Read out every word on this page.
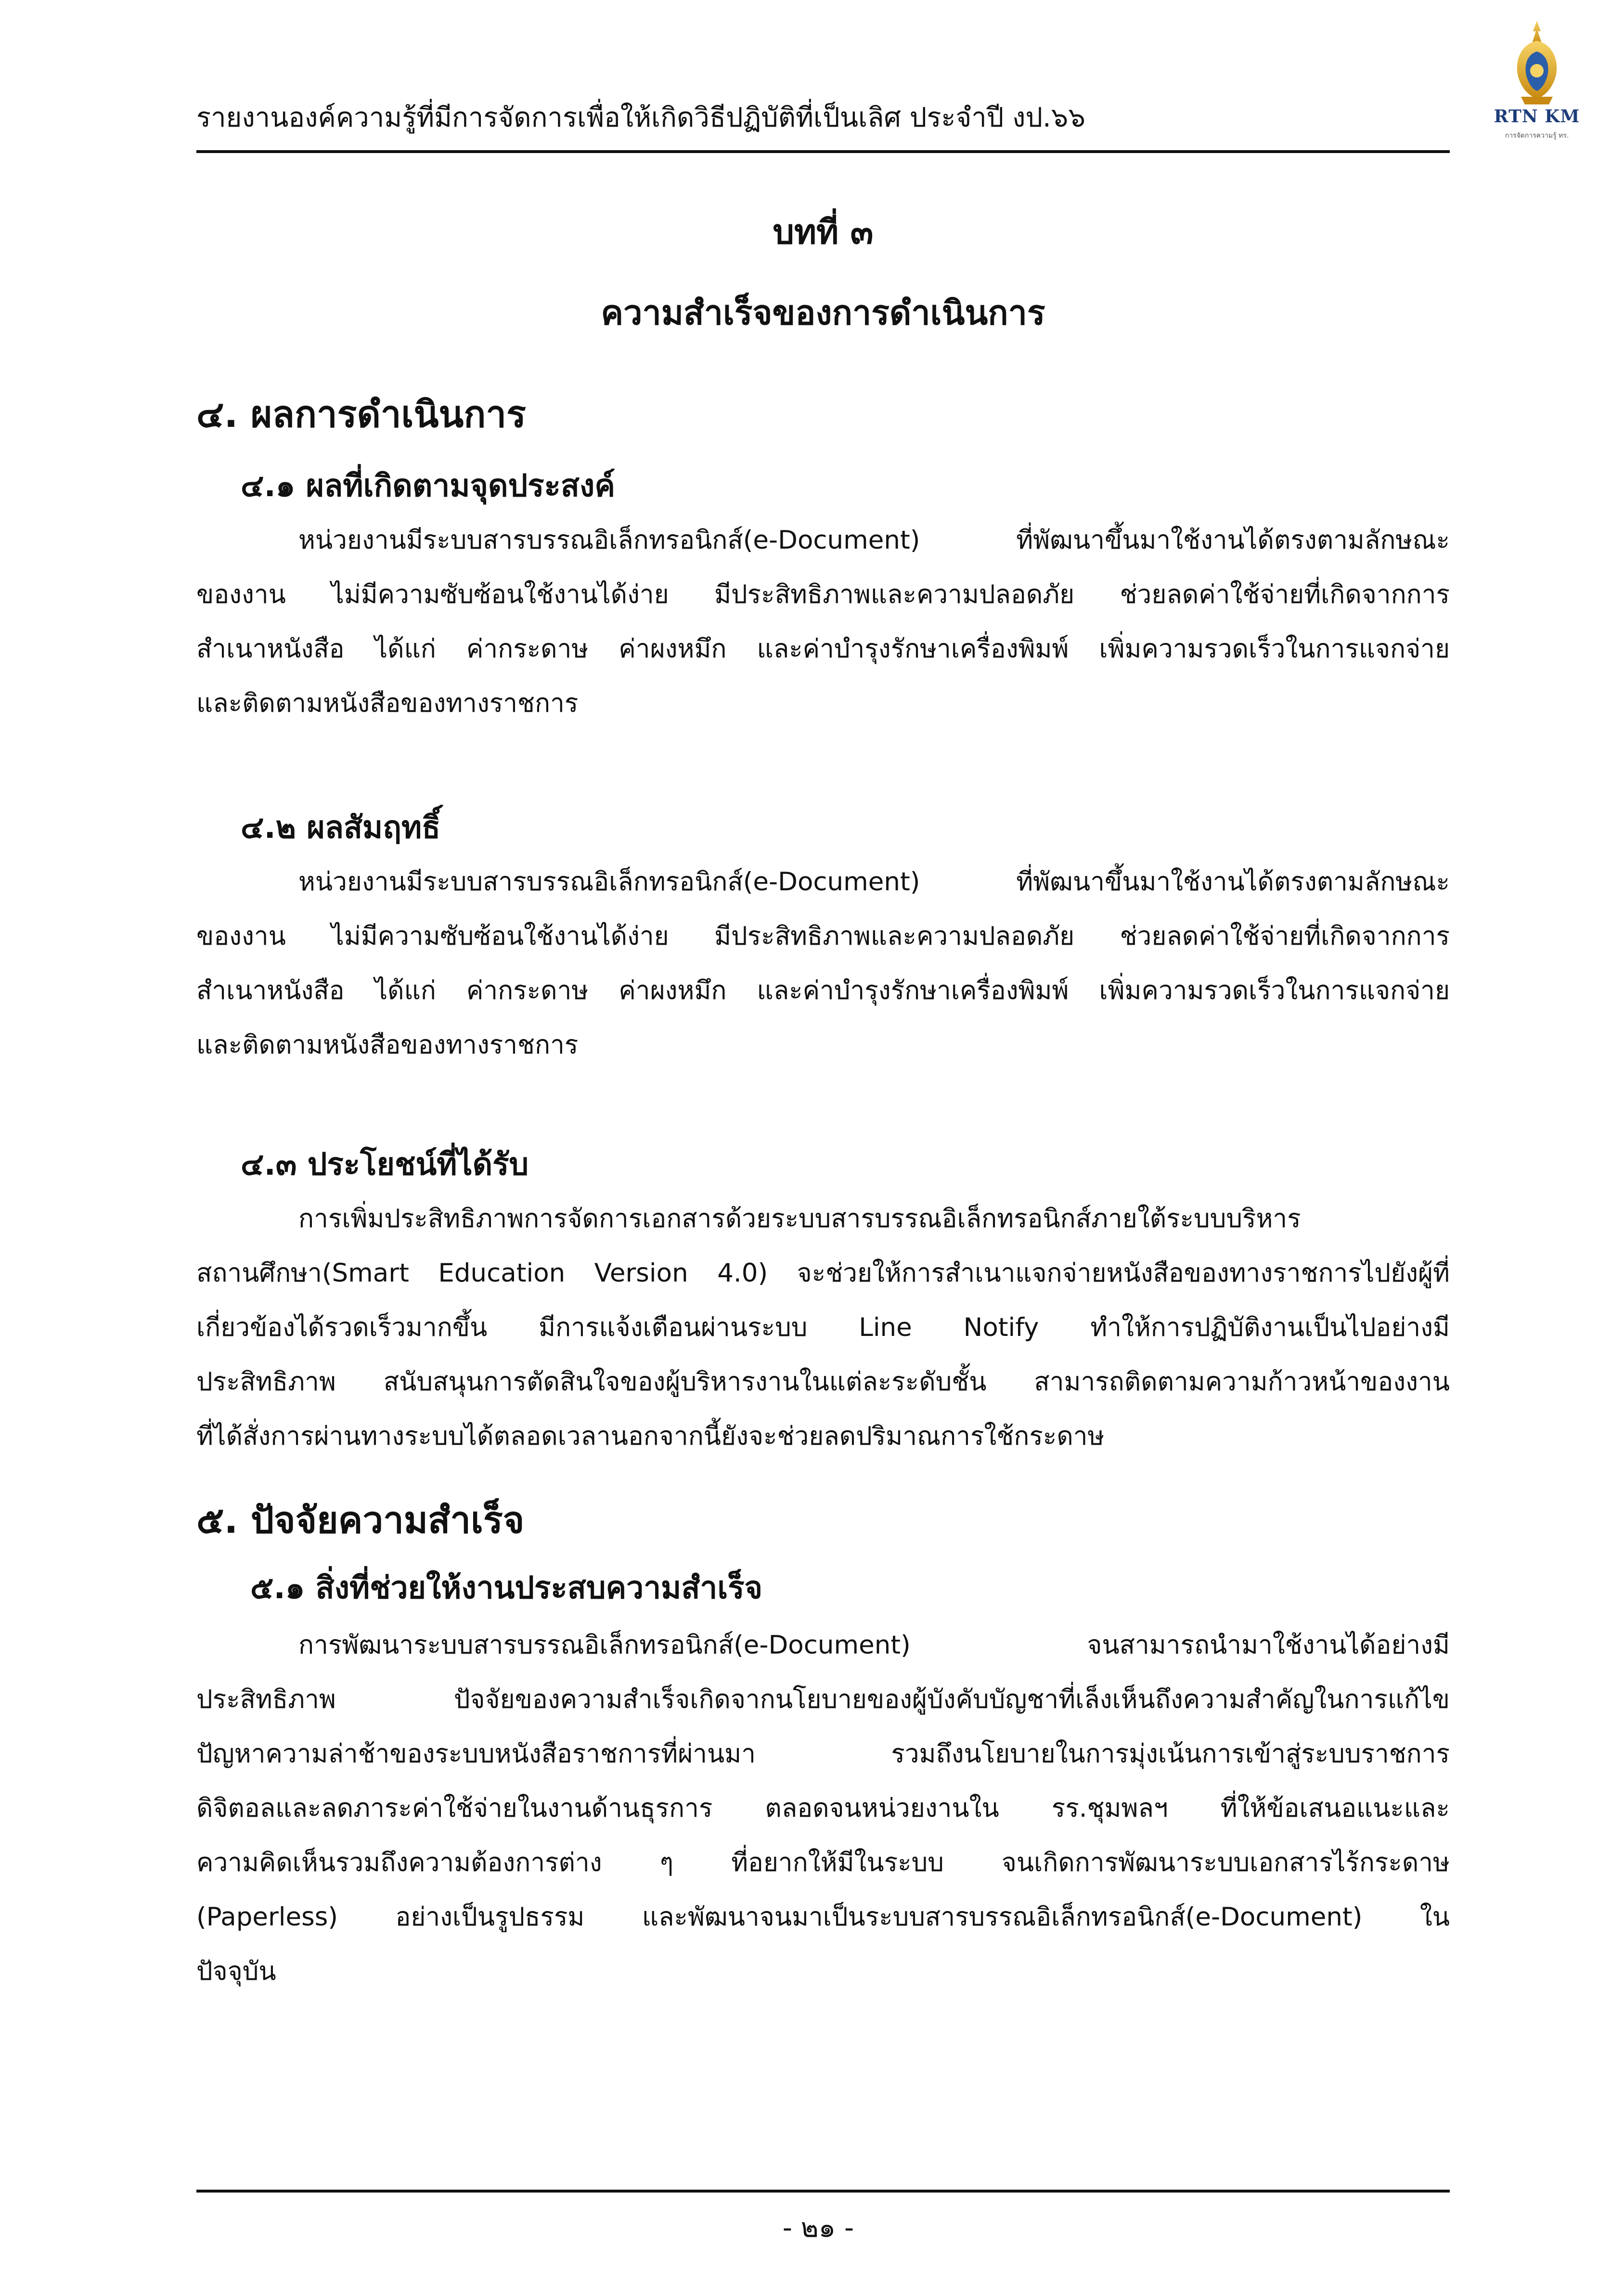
รายงานองค์ความรู้ที่มีการจัดการเพื่อให้เกิดวิธีปฏิบัติที่เป็นเลิศ ประจำปี งป.๖๖	RTN KM
การจัดการความรู้ ทร.
บทที่ ๓
ความสำเร็จของการดำเนินการ
๔. ผลการดำเนินการ
๔.๑ ผลที่เกิดตามจุดประสงค์
หน่วยงานมีระบบสารบรรณอิเล็กทรอนิกส์(e-Document) ที่พัฒนาขึ้นมาใช้งานได้ตรงตามลักษณะ
ของงาน ไม่มีความซับซ้อนใช้งานได้ง่าย มีประสิทธิภาพและความปลอดภัย ช่วยลดค่าใช้จ่ายที่เกิดจากการ
สำเนาหนังสือ ได้แก่ ค่ากระดาษ ค่าผงหมึก และค่าบำรุงรักษาเครื่องพิมพ์ เพิ่มความรวดเร็วในการแจกจ่าย
และติดตามหนังสือของทางราชการ
๔.๒ ผลสัมฤทธิ์
หน่วยงานมีระบบสารบรรณอิเล็กทรอนิกส์(e-Document) ที่พัฒนาขึ้นมาใช้งานได้ตรงตามลักษณะ
ของงาน ไม่มีความซับซ้อนใช้งานได้ง่าย มีประสิทธิภาพและความปลอดภัย ช่วยลดค่าใช้จ่ายที่เกิดจากการ
สำเนาหนังสือ ได้แก่ ค่ากระดาษ ค่าผงหมึก และค่าบำรุงรักษาเครื่องพิมพ์ เพิ่มความรวดเร็วในการแจกจ่าย
และติดตามหนังสือของทางราชการ
๔.๓ ประโยชน์ที่ได้รับ
การเพิ่มประสิทธิภาพการจัดการเอกสารด้วยระบบสารบรรณอิเล็กทรอนิกส์ภายใต้ระบบบริหาร
สถานศึกษา(Smart Education Version 4.0) จะช่วยให้การสำเนาแจกจ่ายหนังสือของทางราชการไปยังผู้ที่
เกี่ยวข้องได้รวดเร็วมากขึ้น มีการแจ้งเตือนผ่านระบบ Line Notify ทำให้การปฏิบัติงานเป็นไปอย่างมี
ประสิทธิภาพ สนับสนุนการตัดสินใจของผู้บริหารงานในแต่ละระดับชั้น สามารถติดตามความก้าวหน้าของงาน
ที่ได้สั่งการผ่านทางระบบได้ตลอดเวลานอกจากนี้ยังจะช่วยลดปริมาณการใช้กระดาษ
๕. ปัจจัยความสำเร็จ
๕.๑ สิ่งที่ช่วยให้งานประสบความสำเร็จ
การพัฒนาระบบสารบรรณอิเล็กทรอนิกส์(e-Document) จนสามารถนำมาใช้งานได้อย่างมี
ประสิทธิภาพ ปัจจัยของความสำเร็จเกิดจากนโยบายของผู้บังคับบัญชาที่เล็งเห็นถึงความสำคัญในการแก้ไข
ปัญหาความล่าช้าของระบบหนังสือราชการที่ผ่านมา รวมถึงนโยบายในการมุ่งเน้นการเข้าสู่ระบบราชการ
ดิจิตอลและลดภาระค่าใช้จ่ายในงานด้านธุรการ ตลอดจนหน่วยงานใน รร.ชุมพลฯ ที่ให้ข้อเสนอแนะและ
ความคิดเห็นรวมถึงความต้องการต่าง ๆ ที่อยากให้มีในระบบ จนเกิดการพัฒนาระบบเอกสารไร้กระดาษ
(Paperless) อย่างเป็นรูปธรรม และพัฒนาจนมาเป็นระบบสารบรรณอิเล็กทรอนิกส์(e-Document) ใน
ปัจจุบัน
- ๒๑ -
